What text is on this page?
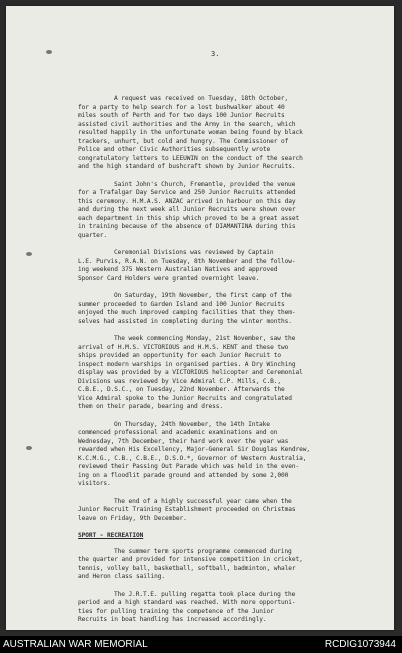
3.

A request was received on Tuesday, 18th October,

for a party to help search for a lost bushwalker about 40

miles south of Perth and for two days 100 Junior Recruits

assisted civil authorities and the Army in the search, which

resulted happily in the unfortunate woman being found by black

trackers, unhurt, but cold and hungry. The Commissioner of

Police and other Civic Authorities subsequently wrote

congratulatory letters to LEEUWIN on the conduct of the search

and the high standard of bushcraft shown by Junior Recruits.

Saint John's Church, Fremantle, provided the venue

for a Trafalgar Day Service and 250 Junior Recruits attended

this ceremony. H.M.A.S. ANZAC arrived in harbour on this day

and during the next week all Junior Recruits were shown over

each department in this ship which proved to be a great asset

in training because of the absence of DIAMANTINA during this

quarter.

Ceremonial Divisions was reviewed by Captain

L.E. Purvis, R.A.N. on Tuesday, 8th November and the follow-

ing weekend 375 Western Australian Natives and approved

Sponsor Card Holders were granted overnight leave.

On Saturday, 19th November, the first camp of the

summer proceeded to Garden Island and 100 Junior Recruits

enjoyed the much improved camping facilities that they them-

selves had assisted in completing during the winter months.

The week commencing Monday, 21st November, saw the

arrival of H.M.S. VICTORIOUS and H.M.S. KENT and these two

ships provided an opportunity for each Junior Recruit to

inspect modern warships in organised parties. A Dry Winching

display was provided by a VICTORIOUS helicopter and Ceremonial

Divisions was reviewed by Vice Admiral C.P. Mills, C.B.,

C.B.E., D.S.C., on Tuesday, 22nd November. Afterwards the

Vice Admiral spoke to the Junior Recruits and congratulated

them on their parade, bearing and dress.

On Thursday, 24th November, the 14th Intake

commenced professional and academic examinations and on

Wednesday, 7th December, their hard work over the year was

rewarded when His Excellency, Major-General Sir Douglas Kendrew,

K.C.M.G., C.B., C.B.E., D.S.O.*, Governor of Western Australia,

reviewed their Passing Out Parade which was held in the even-

ing on a floodlit parade ground and attended by some 2,000

visitors.

The end of a highly successful year came when the

Junior Recruit Training Establishment proceeded on Christmas

leave on Friday, 9th December.

SPORT - RECREATION

The summer term sports programme commenced during

the quarter and provided for intensive competition in cricket,

tennis, volley ball, basketball, softball, badminton, whaler

and Heron class sailing.

The J.R.T.E. pulling regatta took place during the

period and a high standard was reached. With more opportuni-

ties for pulling training the competence of the Junior

Recruits in boat handling has increased accordingly.

AUSTRALIAN WAR MEMORIAL	RCDIG1073944
